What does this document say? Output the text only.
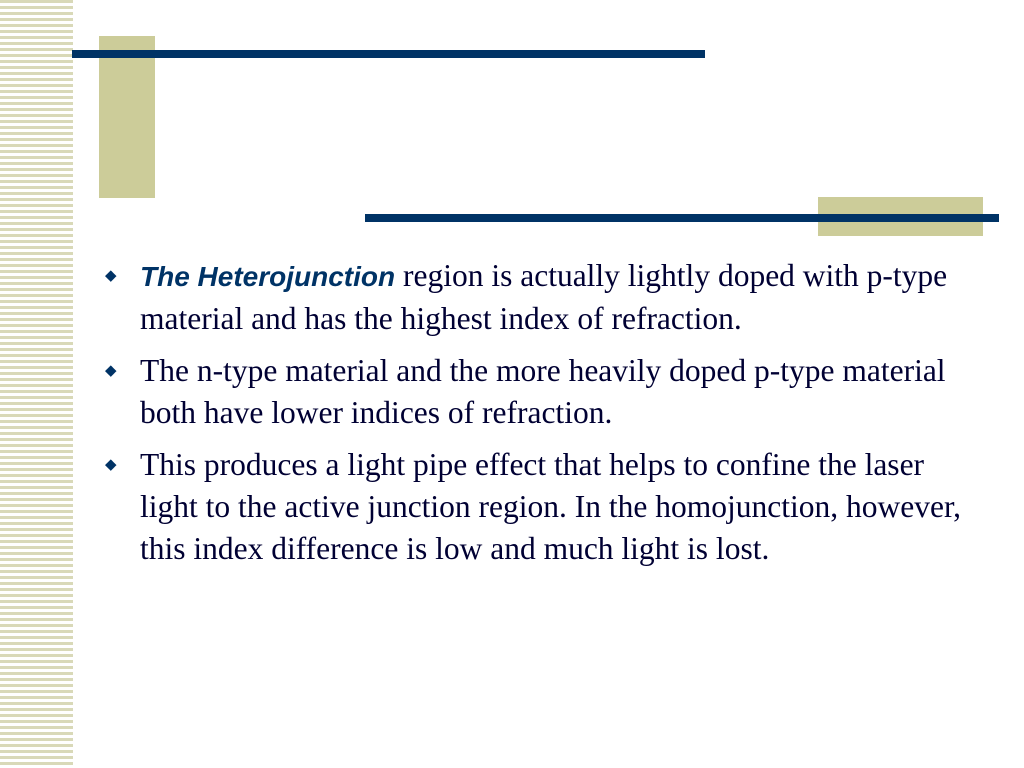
◆ The Heterojunction region is actually lightly doped with p-type material and has the highest index of refraction.
◆ The n-type material and the more heavily doped p-type material both have lower indices of refraction.
◆ This produces a light pipe effect that helps to confine the laser light to the active junction region. In the homojunction, however, this index difference is low and much light is lost.
